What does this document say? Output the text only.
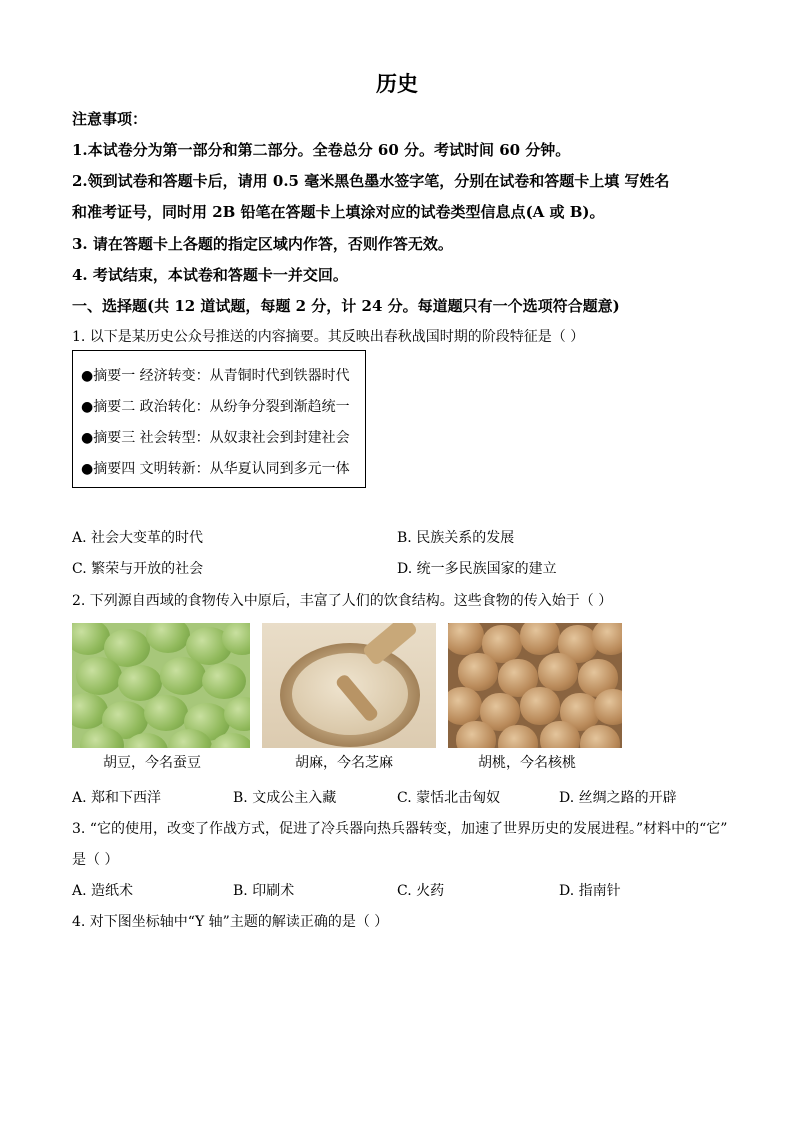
历史
注意事项：
1.本试卷分为第一部分和第二部分。全卷总分 60 分。考试时间 60 分钟。
2.领到试卷和答题卡后，请用 0.5 毫米黑色墨水签字笔，分别在试卷和答题卡上填 写姓名
和准考证号，同时用 2B 铅笔在答题卡上填涂对应的试卷类型信息点(A 或 B)。
3. 请在答题卡上各题的指定区域内作答，否则作答无效。
4. 考试结束，本试卷和答题卡一并交回。
一、选择题(共 12 道试题，每题 2 分，计 24 分。每道题只有一个选项符合题意)
1. 以下是某历史公众号推送的内容摘要。其反映出春秋战国时期的阶段特征是（ ）
●摘要一 经济转变：从青铜时代到铁器时代
●摘要二 政治转化：从纷争分裂到渐趋统一
●摘要三 社会转型：从奴隶社会到封建社会
●摘要四 文明转新：从华夏认同到多元一体
A. 社会大变革的时代	B. 民族关系的发展
C. 繁荣与开放的社会	D. 统一多民族国家的建立
2. 下列源自西域的食物传入中原后，丰富了人们的饮食结构。这些食物的传入始于（ ）
胡豆，今名蚕豆	胡麻，今名芝麻	胡桃，今名核桃
A. 郑和下西洋	B. 文成公主入藏	C. 蒙恬北击匈奴	D. 丝绸之路的开辟
3. “它的使用，改变了作战方式，促进了冷兵器向热兵器转变，加速了世界历史的发展进程。”材料中的“它”
是（ ）
A. 造纸术	B. 印刷术	C. 火药	D. 指南针
4. 对下图坐标轴中“Y 轴”主题的解读正确的是（ ）
